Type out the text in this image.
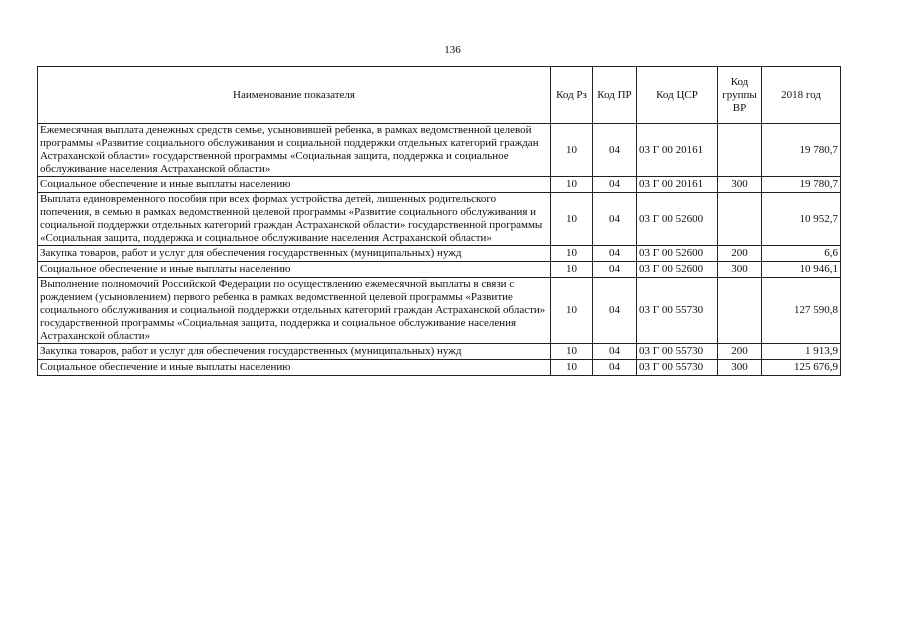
136
Наименование показателя	Код Рз	Код ПР	Код ЦСР	Код группы ВР	2018 год
Ежемесячная выплата денежных средств семье, усыновившей ребенка, в рамках ведомственной целевой программы «Развитие социального обслуживания и социальной поддержки отдельных категорий граждан Астраханской области» государственной программы «Социальная защита, поддержка и социальное обслуживание населения Астраханской области»	10	04	03 Г 00 20161		19 780,7
Социальное обеспечение и иные выплаты населению	10	04	03 Г 00 20161	300	19 780,7
Выплата единовременного пособия при всех формах устройства детей, лишенных родительского попечения, в семью в рамках ведомственной целевой программы «Развитие социального обслуживания и социальной поддержки отдельных категорий граждан Астраханской области» государственной программы «Социальная защита, поддержка и социальное обслуживание населения Астраханской области»	10	04	03 Г 00 52600		10 952,7
Закупка товаров, работ и услуг для обеспечения государственных (муниципальных) нужд	10	04	03 Г 00 52600	200	6,6
Социальное обеспечение и иные выплаты населению	10	04	03 Г 00 52600	300	10 946,1
Выполнение полномочий Российской Федерации по осуществлению ежемесячной выплаты в связи с рождением (усыновлением) первого ребенка в рамках ведомственной целевой программы «Развитие социального обслуживания и социальной поддержки отдельных категорий граждан Астраханской области» государственной программы «Социальная защита, поддержка и социальное обслуживание населения Астраханской области»	10	04	03 Г 00 55730		127 590,8
Закупка товаров, работ и услуг для обеспечения государственных (муниципальных) нужд	10	04	03 Г 00 55730	200	1 913,9
Социальное обеспечение и иные выплаты населению	10	04	03 Г 00 55730	300	125 676,9
